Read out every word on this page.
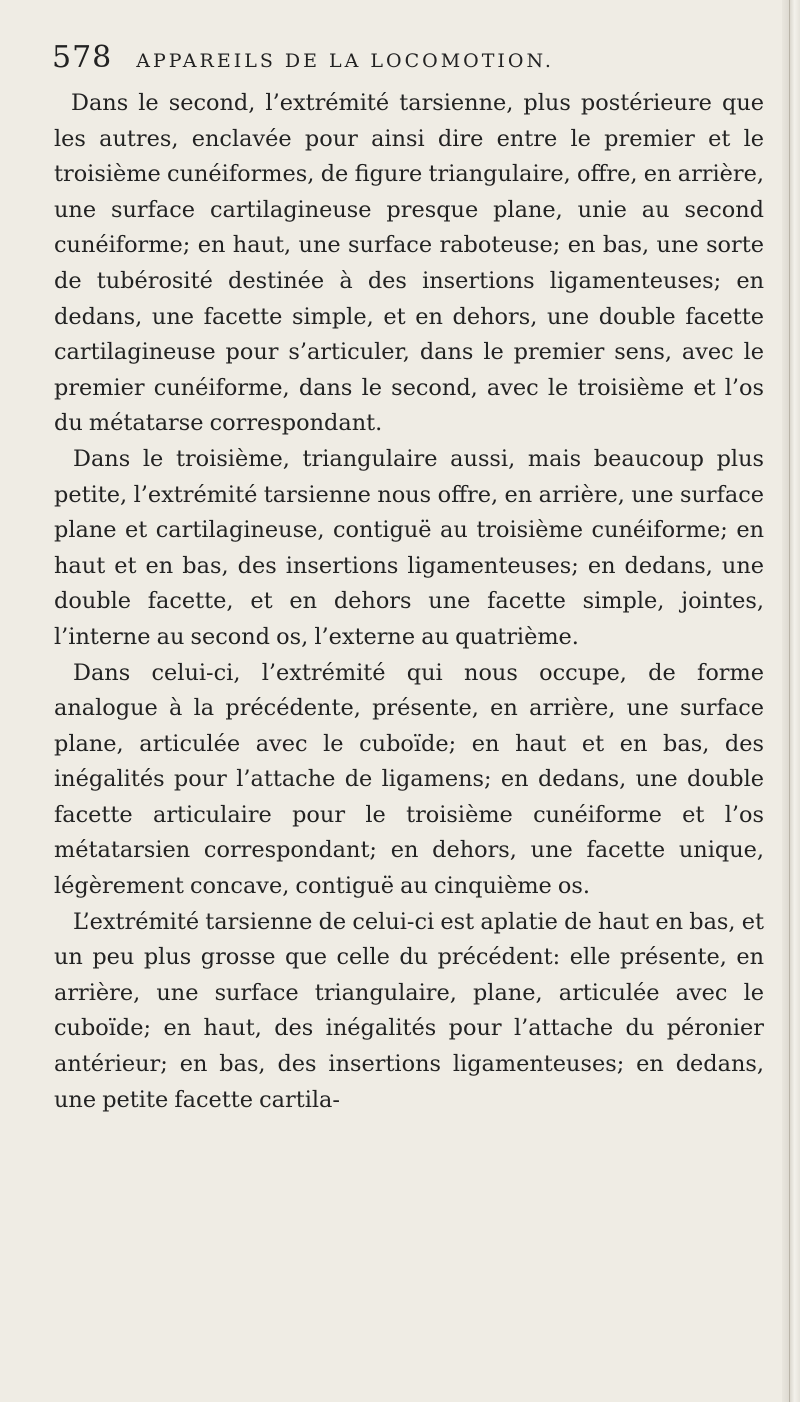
578 APPAREILS DE LA LOCOMOTION.

Dans le second, l’extrémité tarsienne, plus postérieure que les autres, enclavée pour ainsi dire entre le premier et le troisième cunéiformes, de figure triangulaire, offre, en arrière, une surface cartilagineuse presque plane, unie au second cunéiforme; en haut, une surface raboteuse; en bas, une sorte de tubérosité destinée à des insertions ligamenteuses; en dedans, une facette simple, et en dehors, une double facette cartilagineuse pour s’articuler, dans le premier sens, avec le premier cunéiforme, dans le second, avec le troisième et l’os du métatarse correspondant.

Dans le troisième, triangulaire aussi, mais beaucoup plus petite, l’extrémité tarsienne nous offre, en arrière, une surface plane et cartilagineuse, contiguë au troisième cunéiforme; en haut et en bas, des insertions ligamenteuses; en dedans, une double facette, et en dehors une facette simple, jointes, l’interne au second os, l’externe au quatrième.

Dans celui-ci, l’extrémité qui nous occupe, de forme analogue à la précédente, présente, en arrière, une surface plane, articulée avec le cuboïde; en haut et en bas, des inégalités pour l’attache de ligamens; en dedans, une double facette articulaire pour le troisième cunéiforme et l’os métatarsien correspondant; en dehors, une facette unique, légèrement concave, contiguë au cinquième os.

L’extrémité tarsienne de celui-ci est aplatie de haut en bas, et un peu plus grosse que celle du précédent: elle présente, en arrière, une surface triangulaire, plane, articulée avec le cuboïde; en haut, des inégalités pour l’attache du péronier antérieur; en bas, des insertions ligamenteuses; en dedans, une petite facette cartila-
